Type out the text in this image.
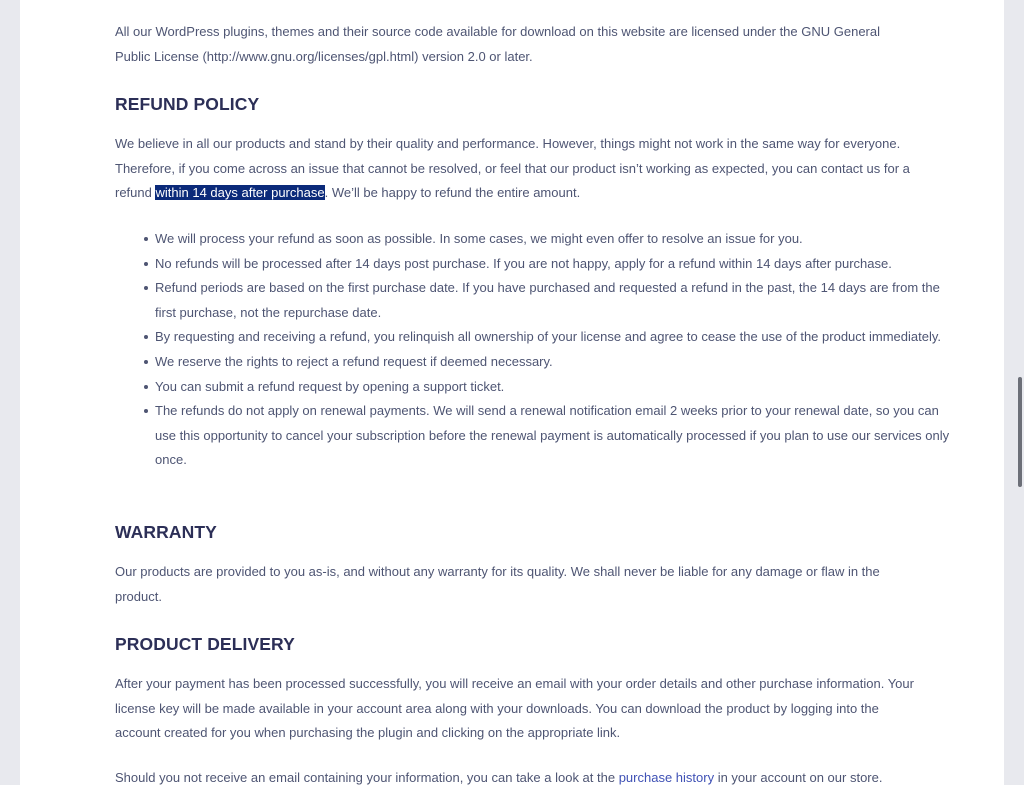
All our WordPress plugins, themes and their source code available for download on this website are licensed under the GNU General Public License (http://www.gnu.org/licenses/gpl.html) version 2.0 or later.

REFUND POLICY

We believe in all our products and stand by their quality and performance. However, things might not work in the same way for everyone. Therefore, if you come across an issue that cannot be resolved, or feel that our product isn’t working as expected, you can contact us for a refund within 14 days after purchase. We’ll be happy to refund the entire amount.

We will process your refund as soon as possible. In some cases, we might even offer to resolve an issue for you.
No refunds will be processed after 14 days post purchase. If you are not happy, apply for a refund within 14 days after purchase.
Refund periods are based on the first purchase date. If you have purchased and requested a refund in the past, the 14 days are from the first purchase, not the repurchase date.
By requesting and receiving a refund, you relinquish all ownership of your license and agree to cease the use of the product immediately.
We reserve the rights to reject a refund request if deemed necessary.
You can submit a refund request by opening a support ticket.
The refunds do not apply on renewal payments. We will send a renewal notification email 2 weeks prior to your renewal date, so you can use this opportunity to cancel your subscription before the renewal payment is automatically processed if you plan to use our services only once.
WARRANTY

Our products are provided to you as-is, and without any warranty for its quality. We shall never be liable for any damage or flaw in the product.

PRODUCT DELIVERY

After your payment has been processed successfully, you will receive an email with your order details and other purchase information. Your license key will be made available in your account area along with your downloads. You can download the product by logging into the account created for you when purchasing the plugin and clicking on the appropriate link.

Should you not receive an email containing your information, you can take a look at the purchase history in your account on our store.
